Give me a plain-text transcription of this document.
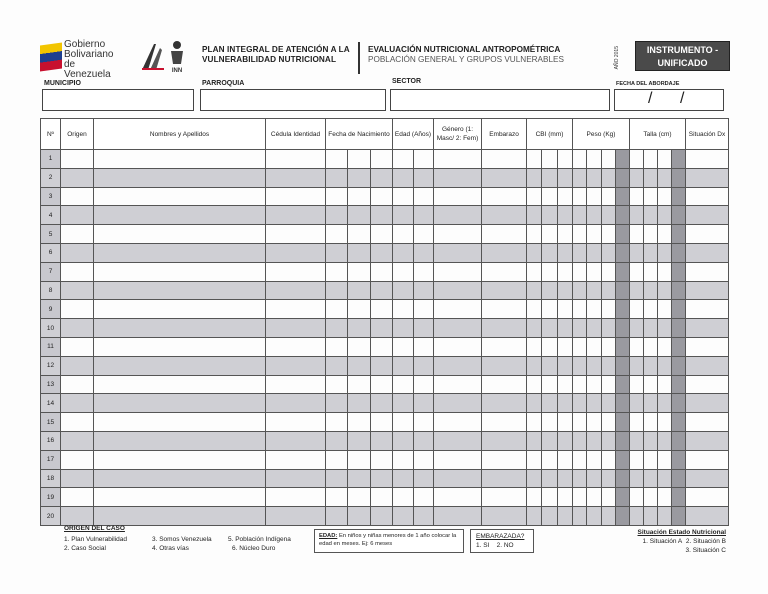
Gobierno
Bolivariano
de Venezuela	INN
PLAN INTEGRAL DE ATENCIÓN A LA
VULNERABILIDAD NUTRICIONAL
EVALUACIÓN NUTRICIONAL ANTROPOMÉTRICA
POBLACIÓN GENERAL Y GRUPOS VULNERABLES	AÑO 2015	INSTRUMENTO -
UNIFICADO
MUNICIPIO	PARROQUIA	SECTOR	FECHA DEL ABORDAJE
/ /
Nº	Origen	Nombres y Apellidos	Cédula Identidad	Fecha de Nacimiento	Edad (Años)	Género (1: Masc/ 2: Fem)	Embarazo	CBI (mm)	Peso (Kg)	Talla (cm)	Situación Dx
1				

2				

3				

4				

5				

6				

7				

8				

9				

10				

11				

12				

13				

14				

15				

16				

17				

18				

19				

20				

ORIGEN DEL CASO
1. Plan Vulnerabilidad
2. Caso Social
3. Somos Venezuela
4. Otras vías
5. Población Indígena
6. Núcleo Duro
EDAD: En niños y niñas menores de 1 año colocar la edad en meses. Ej: 6 meses
EMBARAZADA?
1. SI    2. NO
Situación Estado Nutricional
1. Situación A 2. Situación B
3. Situación C
